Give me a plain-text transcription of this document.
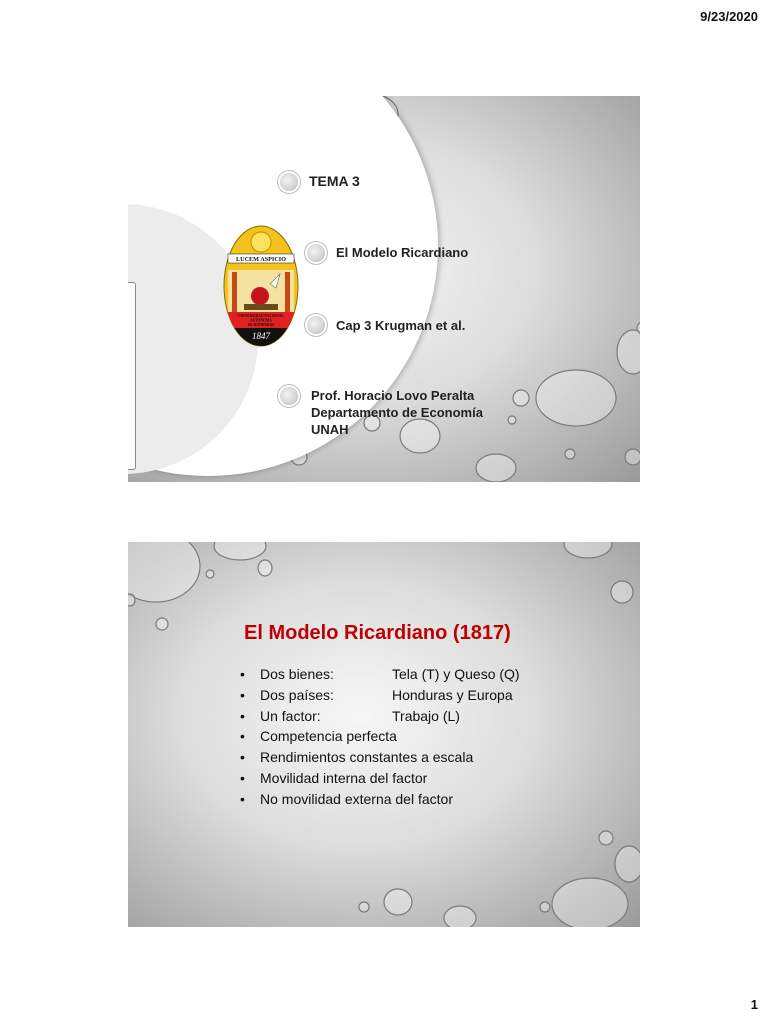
9/23/2020
LUCEM ASPICIO
UNIVERSIDAD NACIONAL
AUTONOMA
DE HONDURAS
1847
TEMA 3
El Modelo Ricardiano
Cap 3 Krugman et al.
Prof. Horacio Lovo Peralta
Departamento de Economía
UNAH
El Modelo Ricardiano (1817)
•	Dos bienes:	Tela (T) y Queso (Q)
•	Dos países:	Honduras y Europa
•	Un factor:	Trabajo (L)
•	Competencia perfecta
•	Rendimientos constantes a escala
•	Movilidad interna del factor
•	No movilidad externa del factor
1
